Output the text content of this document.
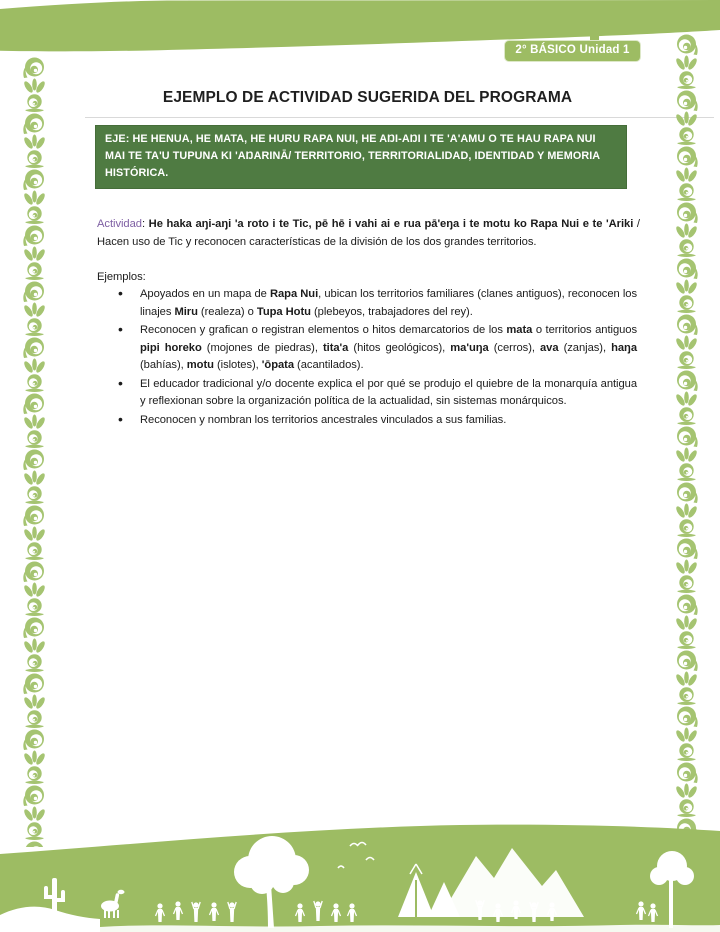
2° BÁSICO Unidad 1
EJEMPLO DE ACTIVIDAD SUGERIDA DEL PROGRAMA
EJE: HE HENUA, HE MATA, HE HURU RAPA NUI, HE AŊI-AŊI I TE 'A'AMU O TE HAU RAPA NUI MAI TE TA'U TUPUNA KI 'AŊARINĀ/ TERRITORIO, TERRITORIALIDAD, IDENTIDAD Y MEMORIA HISTÓRICA.
Actividad: He haka aŋi-aŋi 'a roto i te Tic, pē hē i vahi ai e rua pā'eŋa i te motu ko Rapa Nui e te 'Ariki / Hacen uso de Tic y reconocen características de la división de los dos grandes territorios.
Ejemplos:
• Apoyados en un mapa de Rapa Nui, ubican los territorios familiares (clanes antiguos), reconocen los linajes Miru (realeza) o Tupa Hotu (plebeyos, trabajadores del rey).
• Reconocen y grafican o registran elementos o hitos demarcatorios de los mata o territorios antiguos pipi horeko (mojones de piedras), tita'a (hitos geológicos), ma'uŋa (cerros), ava (zanjas), haŋa (bahías), motu (islotes), 'ōpata (acantilados).
• El educador tradicional y/o docente explica el por qué se produjo el quiebre de la monarquía antigua y reflexionan sobre la organización política de la actualidad, sin sistemas monárquicos.
• Reconocen y nombran los territorios ancestrales vinculados a sus familias.
